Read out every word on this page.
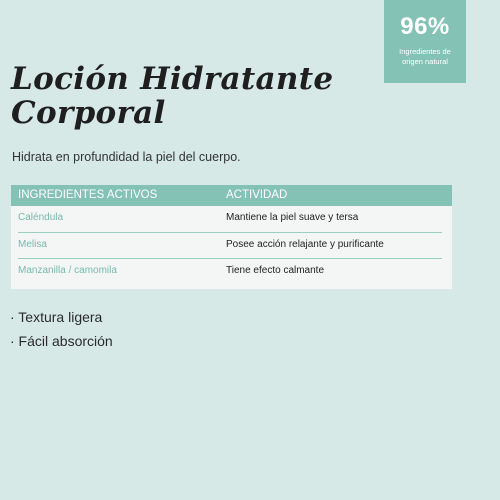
96%
Ingredientes de
origen natural
Loción Hidratante
Corporal

Hidrata en profundidad la piel del cuerpo.

INGREDIENTES ACTIVOS	ACTIVIDAD
Caléndula	Mantiene la piel suave y tersa
Melisa	Posee acción relajante y purificante
Manzanilla / camomila	Tiene efecto calmante
· Textura ligera
· Fácil absorción
